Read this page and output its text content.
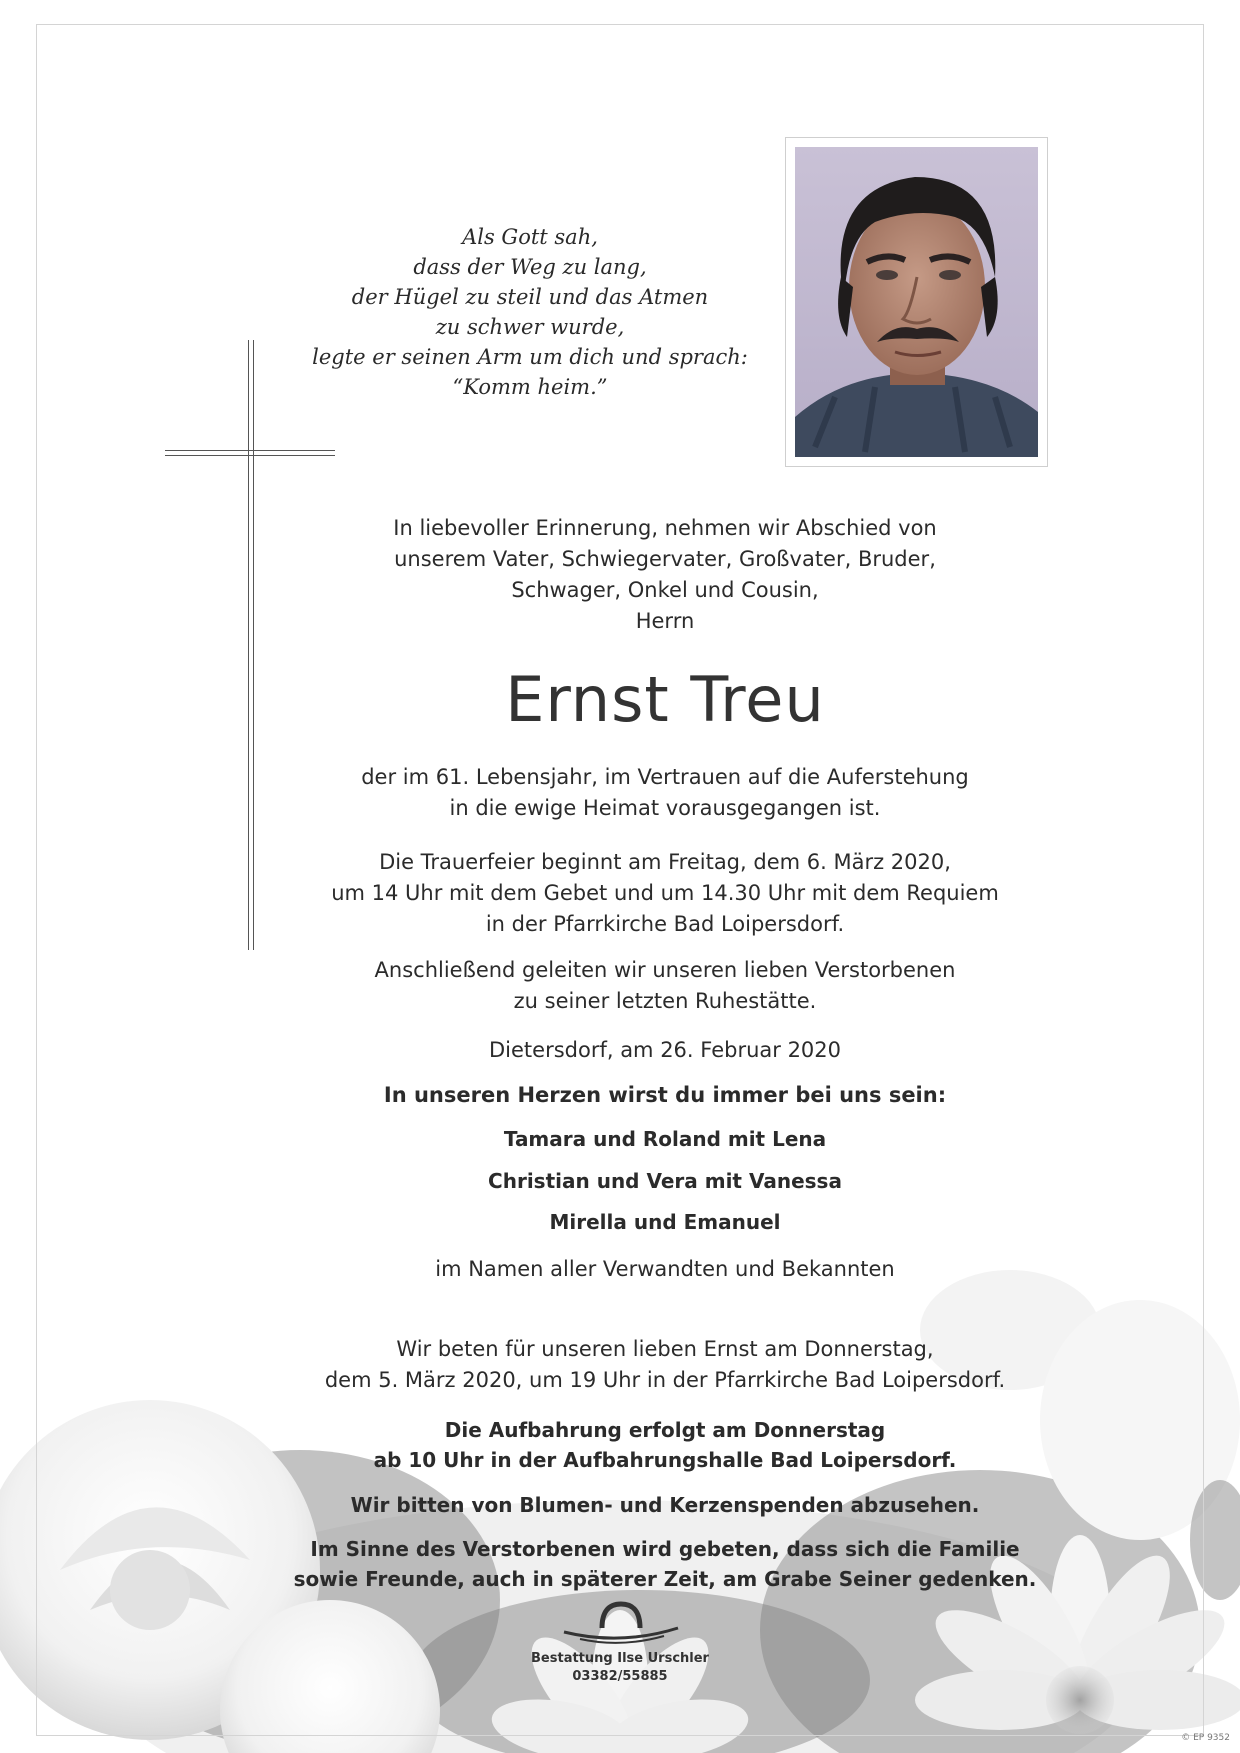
Als Gott sah,
dass der Weg zu lang,
der Hügel zu steil und das Atmen
zu schwer wurde,
legte er seinen Arm um dich und sprach:
“Komm heim.”
In liebevoller Erinnerung, nehmen wir Abschied von
unserem Vater, Schwiegervater, Großvater, Bruder,
Schwager, Onkel und Cousin,
Herrn
Ernst Treu
der im 61. Lebensjahr, im Vertrauen auf die Auferstehung
in die ewige Heimat vorausgegangen ist.
Die Trauerfeier beginnt am Freitag, dem 6. März 2020,
um 14 Uhr mit dem Gebet und um 14.30 Uhr mit dem Requiem
in der Pfarrkirche Bad Loipersdorf.
Anschließend geleiten wir unseren lieben Verstorbenen
zu seiner letzten Ruhestätte.
Dietersdorf, am 26. Februar 2020
In unseren Herzen wirst du immer bei uns sein:
Tamara und Roland mit Lena
Christian und Vera mit Vanessa
Mirella und Emanuel
im Namen aller Verwandten und Bekannten
Wir beten für unseren lieben Ernst am Donnerstag,
dem 5. März 2020, um 19 Uhr in der Pfarrkirche Bad Loipersdorf.
Die Aufbahrung erfolgt am Donnerstag
ab 10 Uhr in der Aufbahrungshalle Bad Loipersdorf.
Wir bitten von Blumen- und Kerzenspenden abzusehen.
Im Sinne des Verstorbenen wird gebeten, dass sich die Familie
sowie Freunde, auch in späterer Zeit, am Grabe Seiner gedenken.
Bestattung Ilse Urschler
03382/55885
© EP 9352
